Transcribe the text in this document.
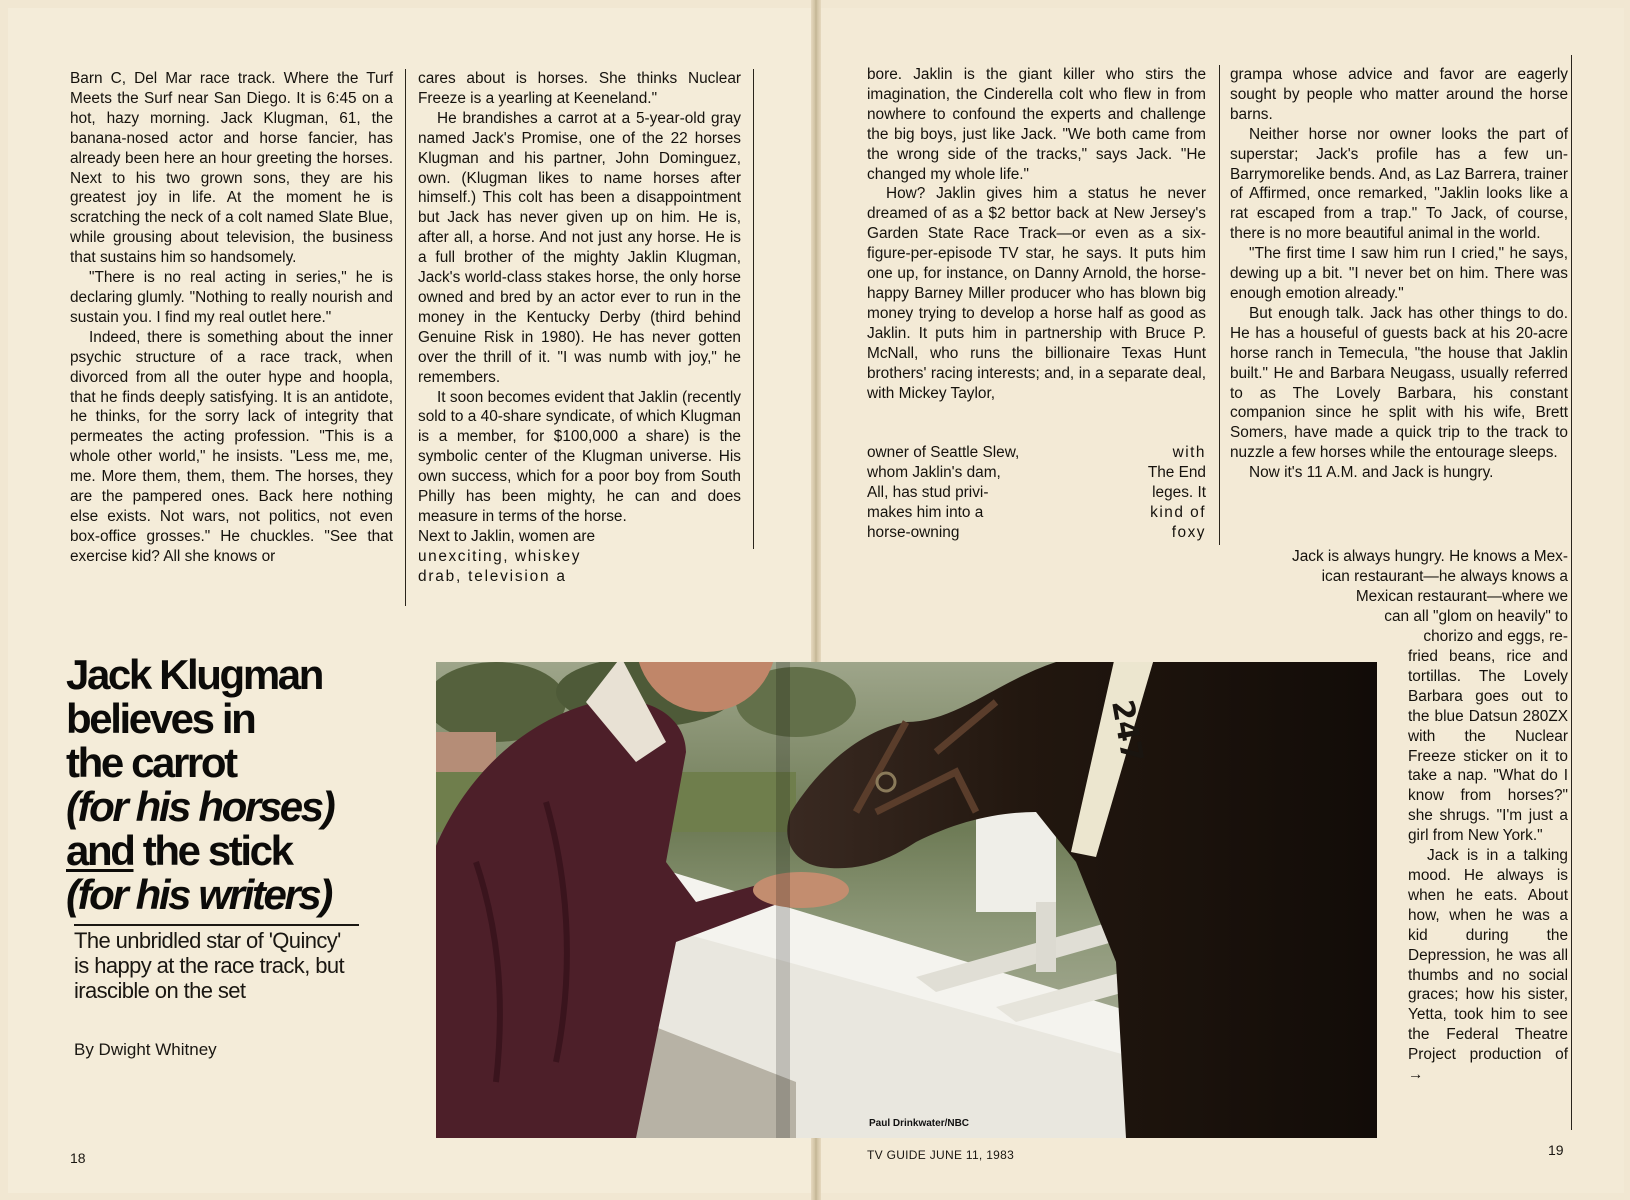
Barn C, Del Mar race track. Where the Turf Meets the Surf near San Diego. It is 6:45 on a hot, hazy morning. Jack Klugman, 61, the banana-nosed actor and horse fancier, has already been here an hour greeting the horses. Next to his two grown sons, they are his greatest joy in life. At the moment he is scratching the neck of a colt named Slate Blue, while grousing about television, the business that sustains him so handsomely.

"There is no real acting in series," he is declaring glumly. "Nothing to really nourish and sustain you. I find my real outlet here."

Indeed, there is something about the inner psychic structure of a race track, when divorced from all the outer hype and hoopla, that he finds deeply satisfying. It is an antidote, he thinks, for the sorry lack of integrity that permeates the acting profession. "This is a whole other world," he insists. "Less me, me, me. More them, them, them. The horses, they are the pampered ones. Back here nothing else exists. Not wars, not politics, not even box-office grosses." He chuckles. "See that exercise kid? All she knows or

cares about is horses. She thinks Nuclear Freeze is a yearling at Keeneland."

He brandishes a carrot at a 5-year-old gray named Jack's Promise, one of the 22 horses Klugman and his partner, John Dominguez, own. (Klugman likes to name horses after himself.) This colt has been a disappointment but Jack has never given up on him. He is, after all, a horse. And not just any horse. He is a full brother of the mighty Jaklin Klugman, Jack's world-class stakes horse, the only horse owned and bred by an actor ever to run in the money in the Kentucky Derby (third behind Genuine Risk in 1980). He has never gotten over the thrill of it. "I was numb with joy," he remembers.

It soon becomes evident that Jaklin (recently sold to a 40-share syndicate, of which Klugman is a member, for $100,000 a share) is the symbolic center of the Klugman universe. His own success, which for a poor boy from South Philly has been mighty, he can and does measure in terms of the horse.

Next to Jaklin, women are
unexciting, whiskey
drab, television a
247
Jack Klugman
believes in
the carrot
(for his horses)
and the stick
(for his writers)
The unbridled star of 'Quincy' is happy at the race track, but irascible on the set
By Dwight Whitney

bore. Jaklin is the giant killer who stirs the imagination, the Cinderella colt who flew in from nowhere to confound the experts and challenge the big boys, just like Jack. "We both came from the wrong side of the tracks," says Jack. "He changed my whole life."

How? Jaklin gives him a status he never dreamed of as a $2 bettor back at New Jersey's Garden State Race Track—or even as a six-figure-per-episode TV star, he says. It puts him one up, for instance, on Danny Arnold, the horse-happy Barney Miller producer who has blown big money trying to develop a horse half as good as Jaklin. It puts him in partnership with Bruce P. McNall, who runs the billionaire Texas Hunt brothers' racing interests; and, in a separate deal, with Mickey Taylor,

owner of Seattle Slew,
whom Jaklin's dam,
All, has stud privi-
makes him into a
horse-owning
with
The End
leges. It
kind of
foxy

grampa whose advice and favor are eagerly sought by people who matter around the horse barns.

Neither horse nor owner looks the part of superstar; Jack's profile has a few un-Barrymorelike bends. And, as Laz Barrera, trainer of Affirmed, once remarked, "Jaklin looks like a rat escaped from a trap." To Jack, of course, there is no more beautiful animal in the world.

"The first time I saw him run I cried," he says, dewing up a bit. "I never bet on him. There was enough emotion already."

But enough talk. Jack has other things to do. He has a houseful of guests back at his 20-acre horse ranch in Temecula, "the house that Jaklin built." He and Barbara Neugass, usually referred to as The Lovely Barbara, his constant companion since he split with his wife, Brett Somers, have made a quick trip to the track to nuzzle a few horses while the entourage sleeps.

Now it's 11 A.M. and Jack is hungry.

Jack is always hungry. He knows a Mex-
ican restaurant—he always knows a
Mexican restaurant—where we
can all "glom on heavily" to
chorizo and eggs, re-

fried beans, rice and tortillas. The Lovely Barbara goes out to the blue Datsun 280ZX with the Nuclear Freeze sticker on it to take a nap. "What do I know from horses?" she shrugs. "I'm just a girl from New York."

Jack is in a talking mood. He always is when he eats. About how, when he was a kid during the Depression, he was all thumbs and no social graces; how his sister, Yetta, took him to see the Federal Theatre Project production of →

Paul Drinkwater/NBC
18	TV GUIDE JUNE 11, 1983	19
